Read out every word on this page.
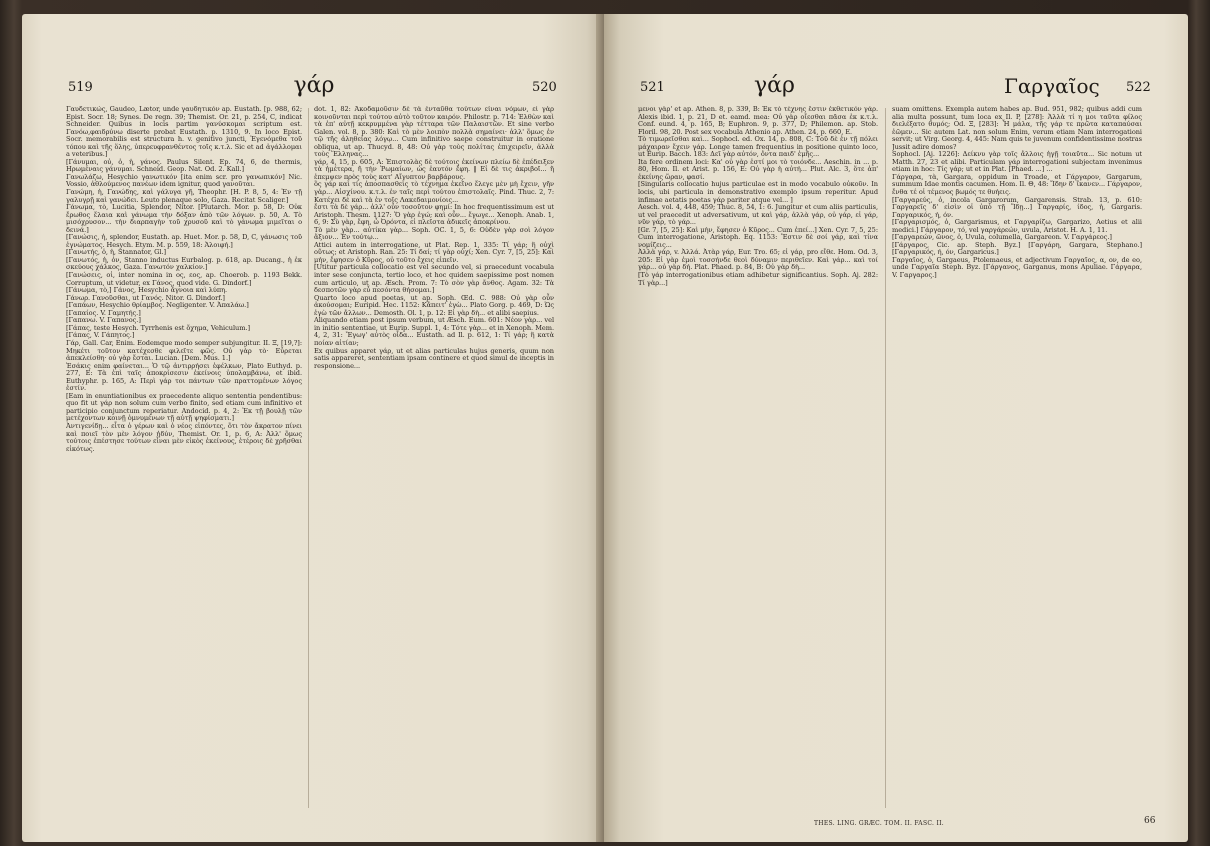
519	γάρ	520

Γαυδετικώς, Gaudeo, Lætor, unde γαυδητικόν ap. Eustath. [p. 988, 62; Epist. Socr. 18; Synes. De regn. 39; Themist. Or. 21, p. 254, C, indicat Schneider. Quibus in locis partim γανύσκομαι scriptum est. Γανόω,φαιδρύνω diserte probat Eustath. p. 1310, 9. In loco Epist. Socr. memorabilis est structura h. v. genitivo juncti, Ἐγενόμεθα τοῦ τόπου καὶ τῆς ὅλης, ὑπερευφρανθέντος τοῖς κ.τ.λ. Sic et ad ἀγάλλομαι a veteribus.]

[Γάνυμαι, οὐ, ὁ, ἡ, γάνος. Paulus Silent. Ep. 74, 6, de thermis, Ηρωμέναις γάνυμαι. Schneid. Geop. Nat. Od. 2. Kall.]

Γανωλάζω, Hesychio γανωτικόν [ita enim scr. pro γανωπικόν] Nic. Vossio, ἀθλούμενος πανέων idem ignitur, quod γανοῦται.

Γανώμη, ἡ, Γανώδης, καὶ γάλυγα γῆ, Theophr. [H. P. 8, 5, 4: Ἐν τῇ γαλυγρῇ καὶ γανώδει. Leuto plenaque solo, Gaza. Recitat Scaliger.]

Γάνωμα, τὸ, Lucitia, Splendor, Nitor. [Plutarch. Mor. p. 58, D: Οὐκ ἔρωθος ἔλαια καὶ γάνωμα τὴν δόξαν ἀπὸ τῶν λόγων. p. 50, A. Τὸ μισόχρυσον... τὴν διαρπαγὴν τοῦ χρυσοῦ καὶ τὸ γάνωμα μιμεῖται ο δεινά.]

[Γανώσις, ἡ, splendor, Eustath. ap. Huet. Mor. p. 58, D, C, γάνωσις τοῦ ἐγνώματος. Hesych. Etym. M. p. 559, 18: Ἀλοιφή.]

[Γανωτής, ὁ, ἡ, Stannator, Gl.]

[Γανωτός, ἡ, ὁν, Stanno inductus Eurbalog. p. 618, ap. Ducang., ἡ ἐκ σκεύους χάλκος, Gaza. Γανωτόν χαλκίον.]

[Γανώσεις, οἱ, inter nomina in ος, εος, ap. Choerob. p. 1193 Bekk. Corruptum, ut videtur, ex Γάνος, quod vide. G. Dindorf.]

[Γάνωμα, τὸ,] Γάνος, Hesychio ἄγνοια καὶ λύπη.

Γάνωρ. Γανοῦσθαι, ut Γανός. Nitor. G. Dindorf.]

[Γαπάων, Hesychio θρίαμβος. Negligenter. V. Ἀπαλάω.]

[Γαπαίος. V. Γαμητής.]

[Γαπανω. V. Γαπανος.]

[Γάπας, teste Hesych. Tyrrhenis est ὄχημα, Vehiculum.]

[Γάπας, V. Γάπητος.]

Γάρ, Gall. Car, Enim. Eodemque modo semper subjungitur. II. Ξ, [19,?]: Μηκέτι τοῦτον κατέχεσθε φιλεῖτε φῶς. Οὐ γὰρ τὸ· Εὗρεται ἀπεκλείσθη· οὐ γὰρ ἔσται. Lucian. [Dem. Mus. 1.]

Ἐσάκις enim φαίνεται... Ὁ τῷ ἀντιρρήσει ἐφέλκων, Plato Euthyd. p. 277, E: Τὰ ἐπὶ ταῖς ἀποκρίσεσιν ἐκείνοις ὑπολαμβάνω, et ibid. Euthyphr. p. 165, A: Περὶ γάρ τοι πάντων τῶν πραττομένων λόγος ἐστίν.

[Eam in enuntiationibus ex praecedente aliquo sententia pendentibus: quo fit ut γάρ non solum cum verbo finito, sed etiam cum infinitivo et participio conjunctum reperiatur. Andocid. p. 4, 2: Ἐκ τῇ βουλῇ τῶν μετέχοντων κοινῇ ὀμνυμένων τῇ αὐτῇ ψηφίσματι.]

Ἀντιγενίδῃ... εἶτα ὁ γέρων καὶ ὁ νέος εἰπόντες, ὅτι τὸν ἄκρατον πίνει καὶ ποιεῖ τὸν μὲν λόγον ἡδύν, Themist. Or. 1, p. 6, A: Ἀλλ' ὅμως τούτοις ἐπέστησε τούτων εἶναι μὲν εἰκὸς ἐκείνους, ἑτέροις δὲ χρῆσθαι εἰκότως.

dot. 1, 82: Ἀκοδαμοῦσιν δὲ τὰ ἐνταῦθα τούτων εἶναι νόμων, εἰ γὰρ κοινοῦνται περὶ τούτου αὐτὸ τοῦτον καιρόν. Philostr. p. 714: Ἐλθὼν καὶ τὰ ἐπ' αὐτῇ κεκρυμμένα γὰρ τέτταρα τῶν Παλαιστῶν. Et sine verbo Galen. vol. 8, p. 380: Καὶ τὸ μὲν λοιπὸν πολλὰ σημαίνει· ἀλλ' ὅμως ἐν τῷ τῆς ἀληθείας λόγῳ... Cum infinitivo saepe construitur in oratione obliqua, ut ap. Thucyd. 8, 48: Οὐ γὰρ τοὺς πολίτας ἐπιχειρεῖν, ἀλλὰ τοὺς Ἕλληνας...

γάρ, 4, 15, p. 605, A: Ἐπιστολὰς δὲ τούτοις ἐκείνων πλείω δὲ ἐπέδειξεν τὰ ἡμέτερα, ἤ τὴν Ῥωμαίων, ὡς ἑαυτόν ἔφη. ‖ Εἰ δὲ τις ἀκριβοῖ... ἢ ἐπεμψεν πρὸς τοὺς κατ' Αἴγυπτον βαρβάρους.

ὃς γάρ καὶ τίς ἀποσπασθεὶς τὸ τέχνημα ἐκεῖνο ἔλεγε μὲν μὴ ἔχειν, γῆν γὰρ... Αἰσχίνου. κ.τ.λ. ἐν ταῖς περὶ τούτου ἐπιστολαῖς. Pind. Thuc. 2, 7: Κατέχει δὲ καὶ τὰ ἐν τοῖς Λακεδαιμονίοις...

ἔστι τὰ δὲ γάρ... ἀλλ' οὖν τοσοῦτον φημί: In hoc frequentissimum est ut Aristoph. Thesm. 1127: Ὅ γὰρ ἐγώ; καὶ οὖν... ἔγωγε... Xenoph. Anab. 1, 6, 9: Σὺ γὰρ, ἔφη, ὦ Ὀρόντα, εἰ πλεῖστα ἀδικεῖς ἀποκρίνου.

Τὸ μὲν γὰρ... αὐτίκα γὰρ... Soph. OC. 1, 5, 6: Οὐδὲν γὰρ σοὶ λόγον ἄξιον... Ἐν τούτῳ...

Attici autem in interrogatione, ut Plat. Rep. 1, 335: Τί γάρ; ἢ οὐχὶ οὕτως; et Aristoph. Ran. 25: Τί δαί; τί γὰρ οὐχί; Xen. Cyr. 7, [5, 25]: Καὶ μήν, ἔφησεν ὁ Κῦρος, οὐ τοῦτο ἔχεις εἰπεῖν.

[Utitur particula collocatio est vel secundo vel, si praecedunt vocabula inter sese conjuncta, tertio loco, et hoc quidem saepissime post nomen cum articulo, ut ap. Æsch. Prom. 7: Τὸ σὸν γὰρ ἄνθος. Agam. 32: Τὰ δεσποτῶν γὰρ εὖ πεσόντα θήσομαι.]

Quarto loco apud poetas, ut ap. Soph. Œd. C. 988: Οὐ γὰρ οὖν ἀκούσομαι; Euripid. Hec. 1152: Κἄπειτ' ἐγὼ... Plato Gorg. p. 469, D: Ὡς ἐγὼ τῶν ἄλλων... Demosth. Ol. 1, p. 12: Εἰ γὰρ δὴ... et alibi saepius.

Aliquando etiam post ipsum verbum, ut Æsch. Eum. 601: Νέον γὰρ... vel in initio sententiae, ut Eurip. Suppl. 1, 4: Τότε γὰρ... et in Xenoph. Mem. 4, 2, 31: Ἔγωγ' αὐτὸς οἶδα... Eustath. ad Il. p. 612, 1: Τί γάρ; ἢ κατὰ ποίαν αἰτίαν;

Ex quibus apparet γάρ, ut et alias particulas hujus generis, quum non satis appareret, sententiam ipsam continere et quod simul de inceptis in responsione...

521	γάρ	Γαργαῖος 522

μενοι γὰρ' et ap. Athen. 8, p. 339, B: Ἐκ τὸ τέχνης ἔστιν ἐκθετικόν γάρ. Alexis ibid. 1, p. 21, D et. eamd. mea: Οὐ γὰρ οἴεσθαι πᾶσα ἐκ κ.τ.λ. Conf. eund. 4, p. 165, B; Euphron. 9, p. 377, D; Philemon. ap. Stob. Floril. 98, 20. Post sex vocabula Athenio ap. Athen. 24, p. 660, E.

Τὸ τιμωρεῖσθαι καὶ... Sophocl. ed. Ox. 14, p. 808, C: Τοῦ δὲ ἐν τῇ πόλει μάχαιραν ἔχειν γάρ. Longe tamen frequentius in positione quinto loco, ut Eurip. Bacch. 183: Δεῖ γὰρ αὐτόν, ὄντα παιδ' ἐμῆς...

Ita fere ordinem loci: Κα' οὐ γὰρ ἐστί μοι τὸ τοιόνδε... Aeschin. in ... p. 80, Hom. Il. et Arist. p. 156, E: Οὐ γὰρ ἡ αὐτή... Plut. Alc. 3, ὅτε ἀπ' ἐκείνης ὥραν, φασί.

[Singularis collocatio hujus particulae est in modo vocabulo οὐκοῦν. In locis, ubi particula in demonstrativo exemplo ipsum reperitur. Apud infimae aetatis poetas γάρ pariter atque vel... ]

Aesch. vol. 4, 448, 459; Thuc. 8, 54, 1: 6. Jungitur et cum aliis particulis, ut vel praecedit ut adversativum, ut καὶ γάρ, ἀλλὰ γάρ, οὐ γάρ, εἰ γάρ, νῦν γάρ, τὸ γάρ...

[Gr. 7, [5, 25]: Καὶ μὴν, ἔφησεν ὁ Κῦρος... Cum ἐπεί...] Xen. Cyr. 7, 5, 25: Cum interrogatione, Aristoph. Eq. 1153: Ἔστιν δὲ σοί γάρ, καὶ τίνα νομίζεις...

Ἀλλὰ γάρ, v. Ἀλλά. Ἀτὰρ γάρ, Eur. Tro. 65; εἰ γάρ, pro εἴθε. Hom. Od. 3, 205: Εἰ γὰρ ἐμοὶ τοσσήνδε θεοὶ δύναμιν περιθεῖεν. Καὶ γάρ... καὶ τοί γάρ... οὐ γὰρ δή. Plat. Phaed. p. 84, B: Οὐ γὰρ δὴ...

[Τὸ γάρ interrogationibus etiam adhibetur significantius. Soph. Aj. 282: Τί γὰρ...]

suam omittens. Exempla autem habes ap. Bud. 951, 982; quibus addi cum alia multa possunt, tum loca ex Il. P, [278]: Ἀλλὰ τί η μοι ταῦτα φίλος διελέξατο θυμός; Od. Ξ, [283]: Ἦ μάλα, τῆς γάρ τε πρῶτα καταπαύσαι ἐῶμεν... Sic autem Lat. non solum Enim, verum etiam Nam interrogationi servit; ut Virg. Georg. 4, 445: Nam quis te juvenum confidentissime nostras Jussit adire domos?

Sophocl. [Aj. 1226]: Δείκνυ γὰρ τοῖς ἄλλοις ἡγῇ τοιαῦτα... Sic notum ut Matth. 27, 23 et alibi. Particulam γάρ interrogationi subjectam invenimus etiam in hoc: Τίς γάρ; ut et in Plat. [Phaed. ...] ...

Γάργαρα, τὰ, Gargara, oppidum in Troade, et Γάργαρον, Gargarum, summum Idae montis cacumen. Hom. Il. Θ, 48: Ἴδην δ' ἵκανεν... Γάργαρον, ἔνθα τέ οἱ τέμενος βωμός τε θυήεις.

[Γαργαρεύς, ὁ, incola Gargarorum, Gargarensis. Strab. 13, p. 610: Γαργαρεῖς δ' εἰσὶν οἱ ὑπὸ τῇ Ἴδῃ...] Γαργαρίς, ίδος, ἡ, Gargaris. Γαργαρικός, ή, όν.

[Γαργαρισμός, ὁ, Gargarismus, et Γαργαρίζω, Gargarizo, Aetius et alii medici.] Γάργαρον, τό, vel γαργάρεών, uvula, Aristot. H. A. 1, 11.

[Γαργαρεών, ῶνος, ὁ, Uvula, columella, Gargareon. V. Γαργάρεος.]

[Γάργαρος, Cic. ap. Steph. Byz.] [Γαργάρη, Gargara, Stephano.] [Γαργαρικός, ή, όν, Gargaricus.]

Γαργαῖος, ὁ, Gargaeus, Ptolemaeus, et adjectivum Γαργαῖος, α, ον, de eo, unde Γαργαῖα Steph. Byz. [Γάργανος, Garganus, mons Apuliae. Γάργαρα, V. Γαργαρος.]

THES. LING. GRÆC. TOM. II. FASC. II.	66
